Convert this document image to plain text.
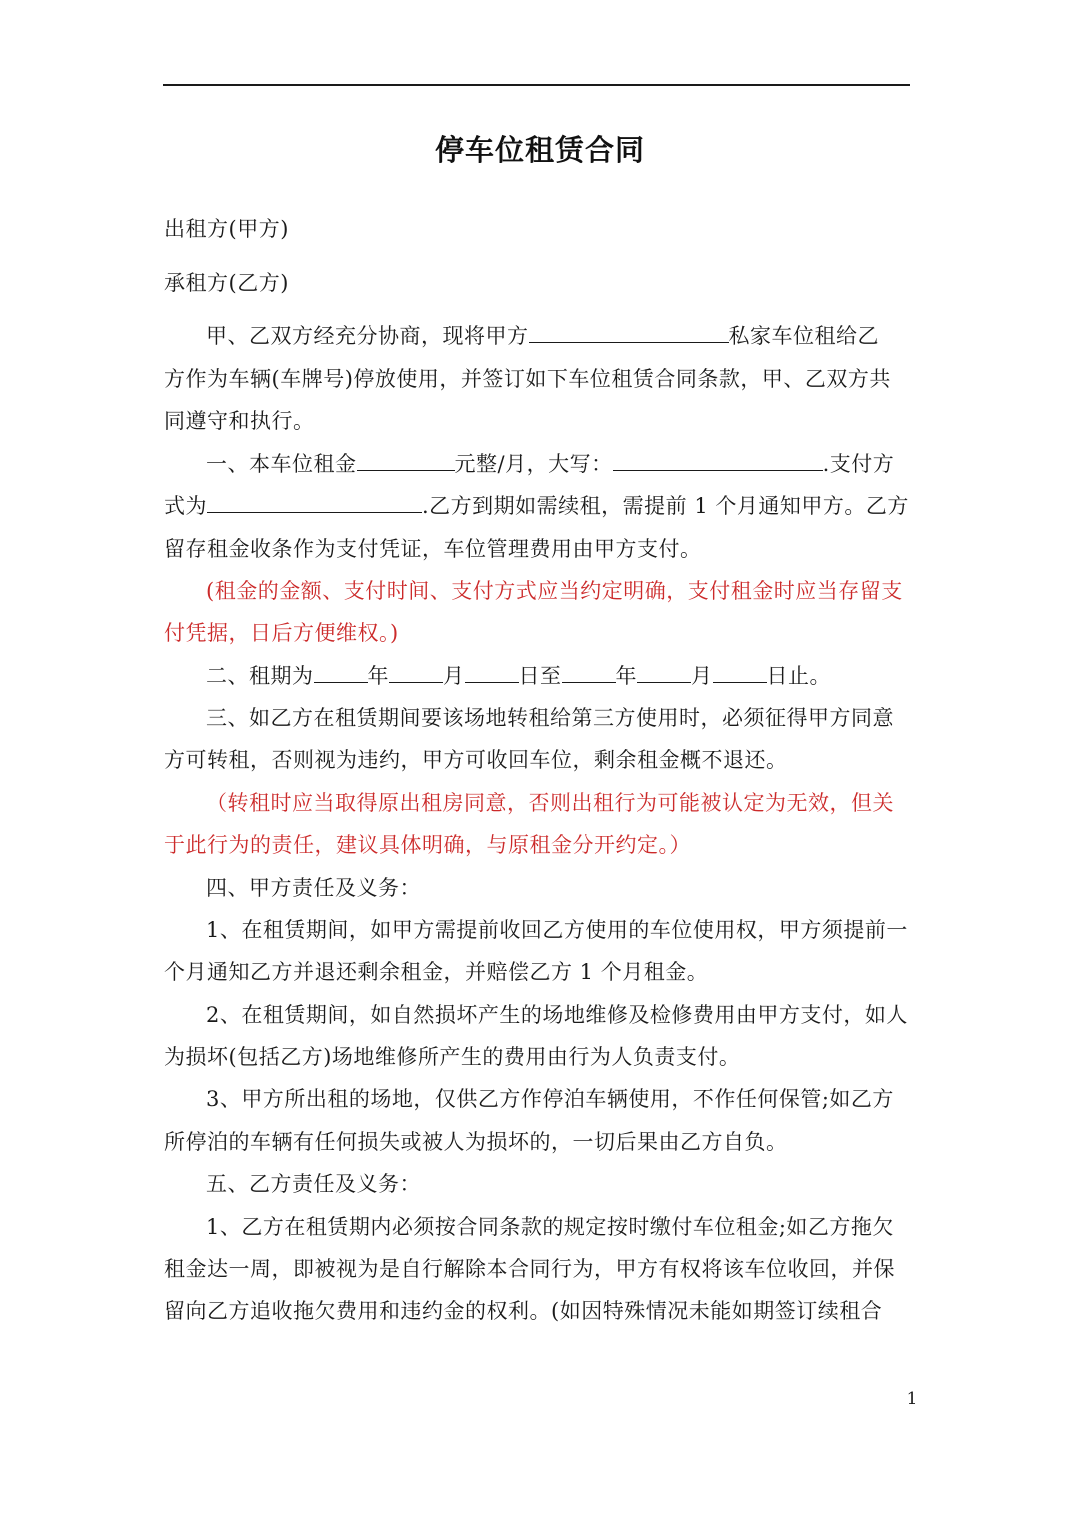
停车位租赁合同
出租方(甲方)
承租方(乙方)
甲、乙双方经充分协商，现将甲方	私家车位租给乙
方作为车辆(车牌号)停放使用，并签订如下车位租赁合同条款，甲、乙双方共
同遵守和执行。
一、本车位租金	元整/月，大写：	.支付方
式为	.乙方到期如需续租，需提前 1 个月通知甲方。乙方
留存租金收条作为支付凭证，车位管理费用由甲方支付。
(租金的金额、支付时间、支付方式应当约定明确，支付租金时应当存留支
付凭据，日后方便维权。)
二、租期为	年	月	日至	年	月	日止。
三、如乙方在租赁期间要该场地转租给第三方使用时，必须征得甲方同意
方可转租，否则视为违约，甲方可收回车位，剩余租金概不退还。
（转租时应当取得原出租房同意，否则出租行为可能被认定为无效，但关
于此行为的责任，建议具体明确，与原租金分开约定。）
四、甲方责任及义务：
1、在租赁期间，如甲方需提前收回乙方使用的车位使用权，甲方须提前一
个月通知乙方并退还剩余租金，并赔偿乙方 1 个月租金。
2、在租赁期间，如自然损坏产生的场地维修及检修费用由甲方支付，如人
为损坏(包括乙方)场地维修所产生的费用由行为人负责支付。
3、甲方所出租的场地，仅供乙方作停泊车辆使用，不作任何保管;如乙方
所停泊的车辆有任何损失或被人为损坏的，一切后果由乙方自负。
五、乙方责任及义务：
1、乙方在租赁期内必须按合同条款的规定按时缴付车位租金;如乙方拖欠
租金达一周，即被视为是自行解除本合同行为，甲方有权将该车位收回，并保
留向乙方追收拖欠费用和违约金的权利。(如因特殊情况未能如期签订续租合
1
